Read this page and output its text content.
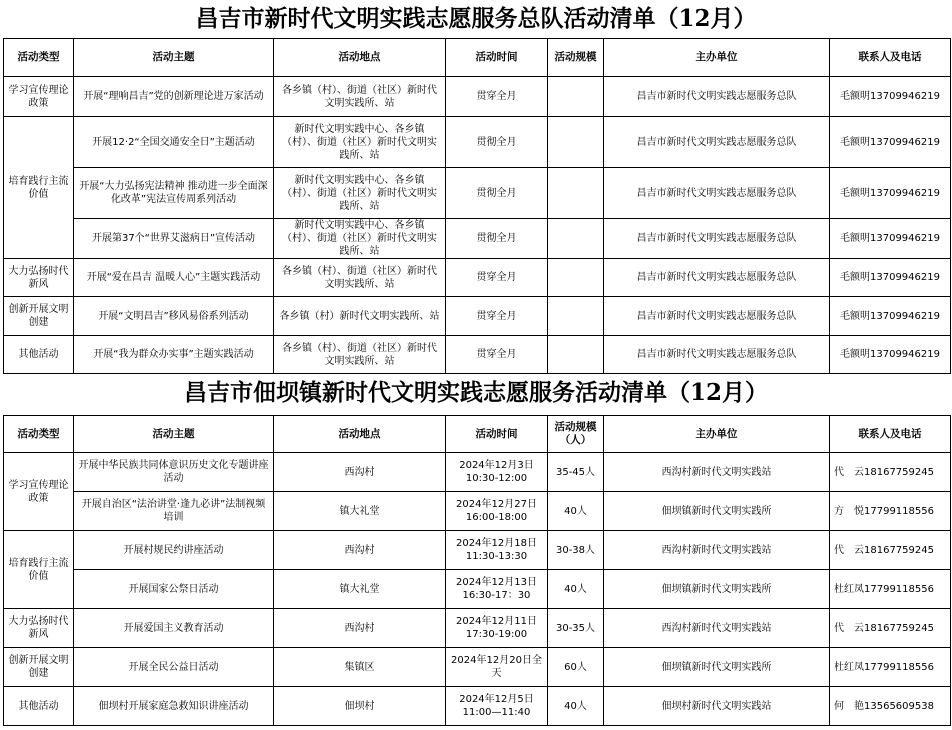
昌吉市新时代文明实践志愿服务总队活动清单（12月）
活动类型	活动主题	活动地点	活动时间	活动规模	主办单位	联系人及电话
学习宣传理论政策	开展“理响昌吉”党的创新理论进万家活动	各乡镇（村）、街道（社区）新时代文明实践所、站	贯穿全月		昌吉市新时代文明实践志愿服务总队	毛额明13709946219
培育践行主流价值	开展12·2“全国交通安全日”主题活动	新时代文明实践中心、各乡镇（村）、街道（社区）新时代文明实践所、站	贯彻全月		昌吉市新时代文明实践志愿服务总队	毛额明13709946219
	开展“大力弘扬宪法精神 推动进一步全面深化改革”宪法宣传周系列活动	新时代文明实践中心、各乡镇（村）、街道（社区）新时代文明实践所、站	贯彻全月		昌吉市新时代文明实践志愿服务总队	毛额明13709946219
	开展第37个“世界艾滋病日”宣传活动	新时代文明实践中心、各乡镇（村）、街道（社区）新时代文明实践所、站	贯彻全月		昌吉市新时代文明实践志愿服务总队	毛额明13709946219
大力弘扬时代新风	开展“爱在昌吉 温暖人心”主题实践活动	各乡镇（村）、街道（社区）新时代文明实践所、站	贯穿全月		昌吉市新时代文明实践志愿服务总队	毛额明13709946219
创新开展文明创建	开展“文明昌吉”移风易俗系列活动	各乡镇（村）新时代文明实践所、站	贯穿全月		昌吉市新时代文明实践志愿服务总队	毛额明13709946219
其他活动	开展“我为群众办实事”主题实践活动	各乡镇（村）、街道（社区）新时代文明实践所、站	贯穿全月		昌吉市新时代文明实践志愿服务总队	毛额明13709946219
昌吉市佃坝镇新时代文明实践志愿服务活动清单（12月）
活动类型	活动主题	活动地点	活动时间	活动规模（人）	主办单位	联系人及电话
学习宣传理论政策	开展中华民族共同体意识历史文化专题讲座活动	西沟村	2024年12月3日 10:30-12:00	35-45人	西沟村新时代文明实践站	代　云18167759245
	开展自治区“法治讲堂·逢九必讲”法制视频培训	镇大礼堂	2024年12月27日 16:00-18:00	40人	佃坝镇新时代文明实践所	方　悦17799118556
培育践行主流价值	开展村规民约讲座活动	西沟村	2024年12月18日 11:30-13:30	30-38人	西沟村新时代文明实践站	代　云18167759245
	开展国家公祭日活动	镇大礼堂	2024年12月13日 16:30-17：30	40人	佃坝镇新时代文明实践所	杜红凤17799118556
大力弘扬时代新风	开展爱国主义教育活动	西沟村	2024年12月11日 17:30-19:00	30-35人	西沟村新时代文明实践站	代　云18167759245
创新开展文明创建	开展全民公益日活动	集镇区	2024年12月20日全天	60人	佃坝镇新时代文明实践所	杜红凤17799118556
其他活动	佃坝村开展家庭急救知识讲座活动	佃坝村	2024年12月5日 11:00—11:40	40人	佃坝村新时代文明实践站	何　艳13565609538
